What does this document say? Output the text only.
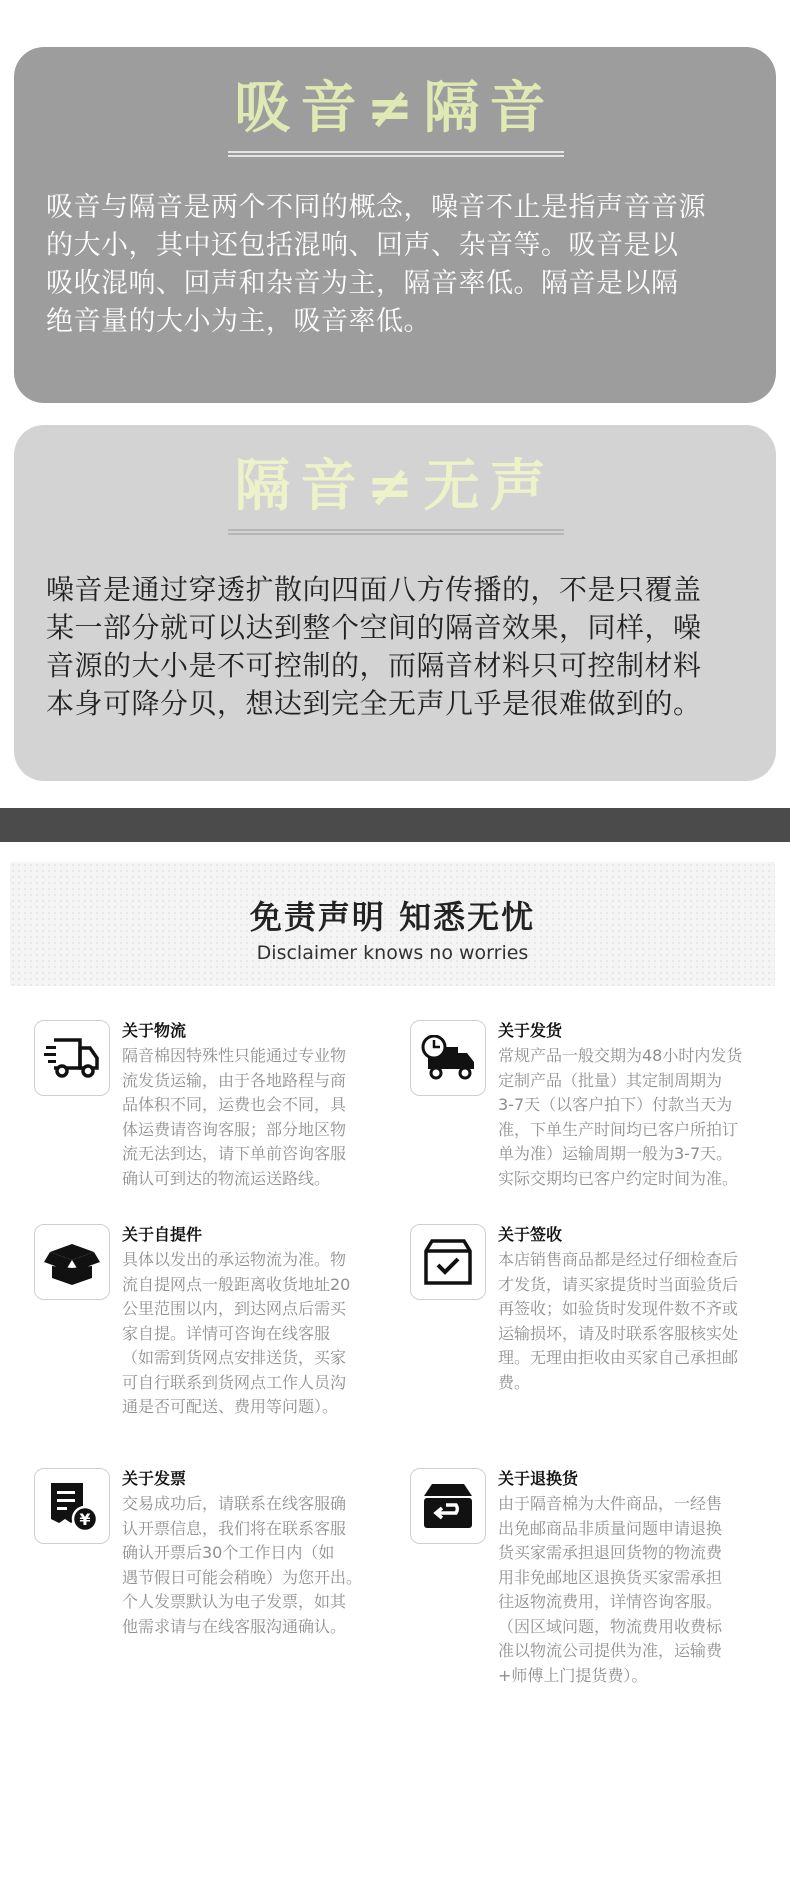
吸音≠隔音
吸音与隔音是两个不同的概念，噪音不止是指声音音源
的大小，其中还包括混响、回声、杂音等。吸音是以
吸收混响、回声和杂音为主，隔音率低。隔音是以隔
绝音量的大小为主，吸音率低。
隔音≠无声
噪音是通过穿透扩散向四面八方传播的，不是只覆盖
某一部分就可以达到整个空间的隔音效果，同样，噪
音源的大小是不可控制的，而隔音材料只可控制材料
本身可降分贝，想达到完全无声几乎是很难做到的。
免责声明 知悉无忧
Disclaimer knows no worries
关于物流
隔音棉因特殊性只能通过专业物
流发货运输，由于各地路程与商
品体积不同，运费也会不同，具
体运费请咨询客服；部分地区物
流无法到达，请下单前咨询客服
确认可到达的物流运送路线。
关于发货
常规产品一般交期为48小时内发货
定制产品（批量）其定制周期为
3-7天（以客户拍下）付款当天为
准，下单生产时间均已客户所拍订
单为准）运输周期一般为3-7天。
实际交期均已客户约定时间为准。
关于自提件
具体以发出的承运物流为准。物
流自提网点一般距离收货地址20
公里范围以内，到达网点后需买
家自提。详情可咨询在线客服
（如需到货网点安排送货，买家
可自行联系到货网点工作人员沟
通是否可配送、费用等问题）。
关于签收
本店销售商品都是经过仔细检查后
才发货，请买家提货时当面验货后
再签收；如验货时发现件数不齐或
运输损坏，请及时联系客服核实处
理。无理由拒收由买家自己承担邮
费。
¥
关于发票
交易成功后，请联系在线客服确
认开票信息，我们将在联系客服
确认开票后30个工作日内（如
遇节假日可能会稍晚）为您开出。
个人发票默认为电子发票，如其
他需求请与在线客服沟通确认。
关于退换货
由于隔音棉为大件商品，一经售
出免邮商品非质量问题申请退换
货买家需承担退回货物的物流费
用非免邮地区退换货买家需承担
往返物流费用，详情咨询客服。
（因区域问题，物流费用收费标
准以物流公司提供为准，运输费
+师傅上门提货费）。
